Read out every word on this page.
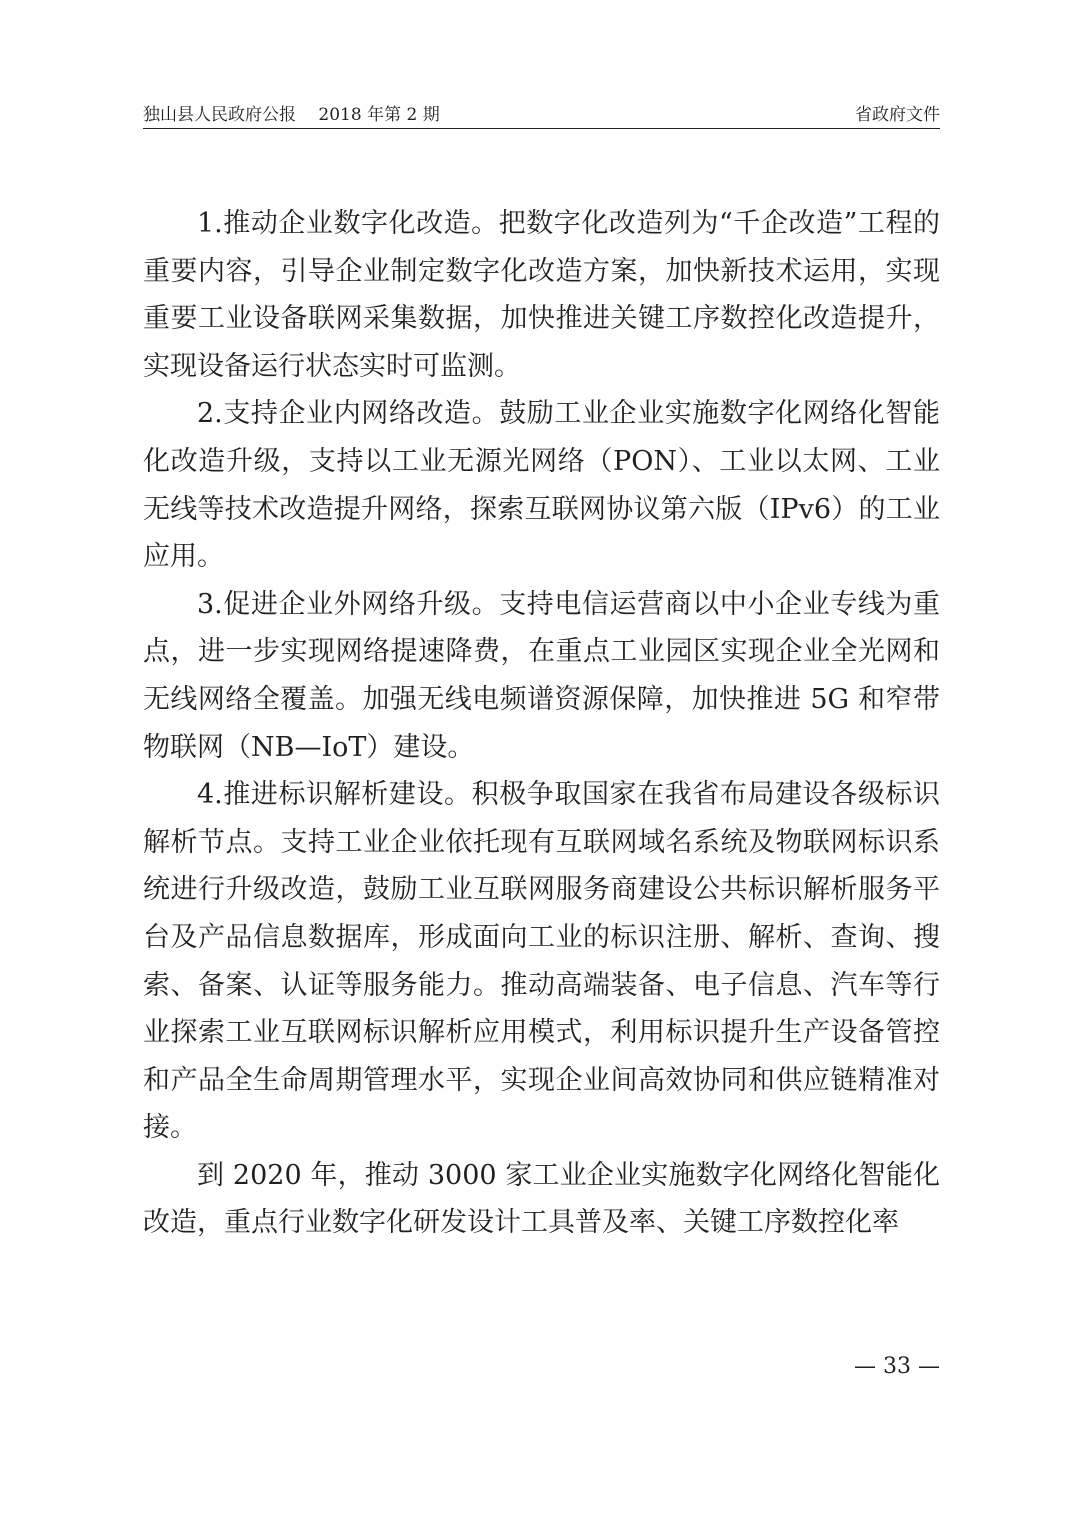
独山县人民政府公报　 2018 年第 2 期	省政府文件

1.推动企业数字化改造。把数字化改造列为“千企改造”工程的重要内容，引导企业制定数字化改造方案，加快新技术运用，实现重要工业设备联网采集数据，加快推进关键工序数控化改造提升，实现设备运行状态实时可监测。

2.支持企业内网络改造。鼓励工业企业实施数字化网络化智能化改造升级，支持以工业无源光网络（PON）、工业以太网、工业无线等技术改造提升网络，探索互联网协议第六版（IPv6）的工业应用。

3.促进企业外网络升级。支持电信运营商以中小企业专线为重点，进一步实现网络提速降费，在重点工业园区实现企业全光网和无线网络全覆盖。加强无线电频谱资源保障，加快推进 5G 和窄带物联网（NB—IoT）建设。

4.推进标识解析建设。积极争取国家在我省布局建设各级标识解析节点。支持工业企业依托现有互联网域名系统及物联网标识系统进行升级改造，鼓励工业互联网服务商建设公共标识解析服务平台及产品信息数据库，形成面向工业的标识注册、解析、查询、搜索、备案、认证等服务能力。推动高端装备、电子信息、汽车等行业探索工业互联网标识解析应用模式，利用标识提升生产设备管控和产品全生命周期管理水平，实现企业间高效协同和供应链精准对接。

到 2020 年，推动 3000 家工业企业实施数字化网络化智能化改造，重点行业数字化研发设计工具普及率、关键工序数控化率

— 33 —
